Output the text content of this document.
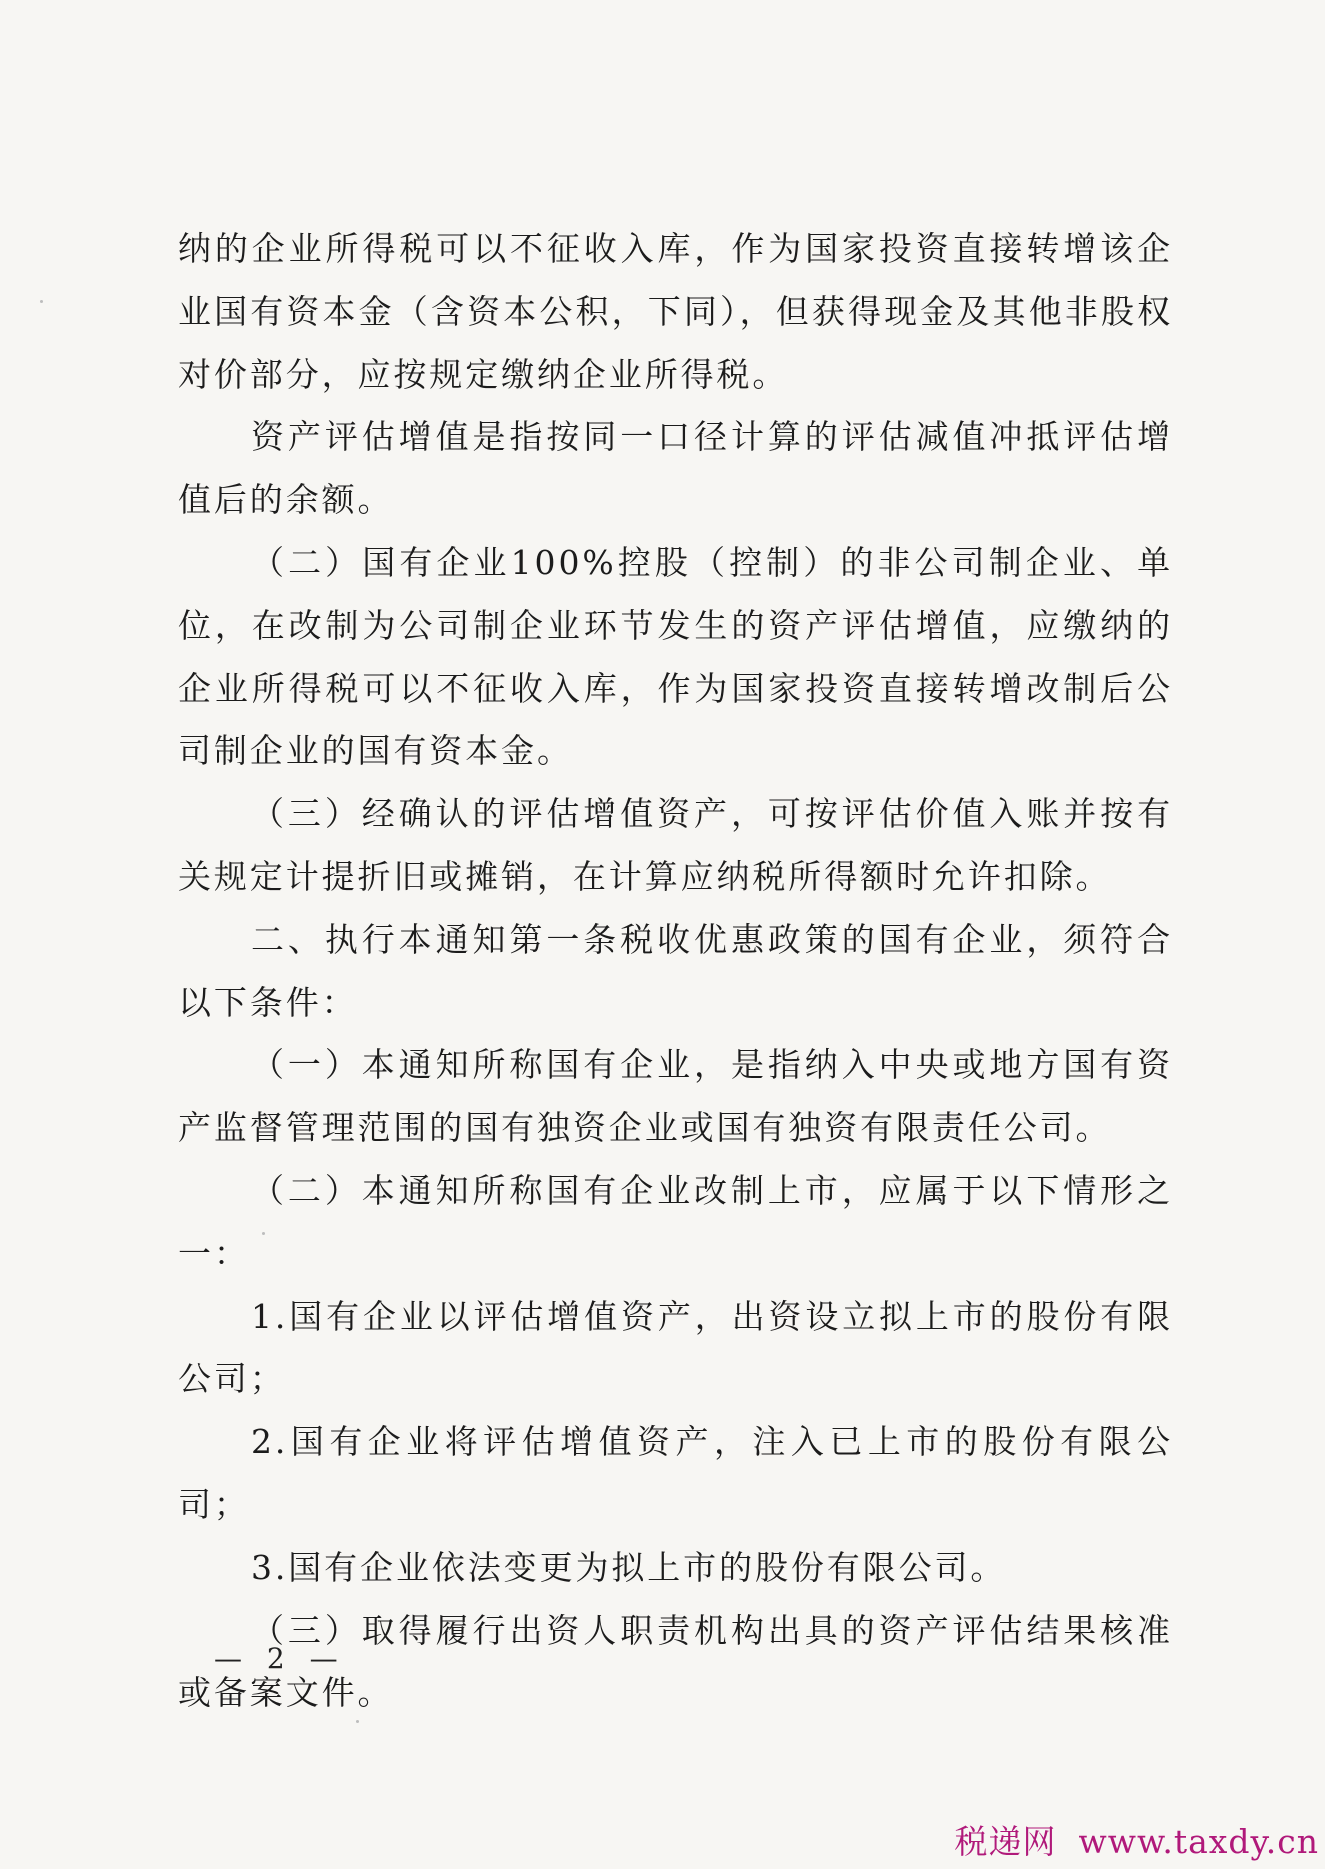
纳的企业所得税可以不征收入库，作为国家投资直接转增该企业国有资本金（含资本公积，下同），但获得现金及其他非股权对价部分，应按规定缴纳企业所得税。

资产评估增值是指按同一口径计算的评估减值冲抵评估增值后的余额。

（二）国有企业100%控股（控制）的非公司制企业、单位，在改制为公司制企业环节发生的资产评估增值，应缴纳的企业所得税可以不征收入库，作为国家投资直接转增改制后公司制企业的国有资本金。

（三）经确认的评估增值资产，可按评估价值入账并按有关规定计提折旧或摊销，在计算应纳税所得额时允许扣除。

二、执行本通知第一条税收优惠政策的国有企业，须符合以下条件：

（一）本通知所称国有企业，是指纳入中央或地方国有资产监督管理范围的国有独资企业或国有独资有限责任公司。

（二）本通知所称国有企业改制上市，应属于以下情形之一：

1.国有企业以评估增值资产，出资设立拟上市的股份有限公司；

2.国有企业将评估增值资产，注入已上市的股份有限公司；

3.国有企业依法变更为拟上市的股份有限公司。

（三）取得履行出资人职责机构出具的资产评估结果核准或备案文件。

— 2 —
税递网 www.taxdy.cn
